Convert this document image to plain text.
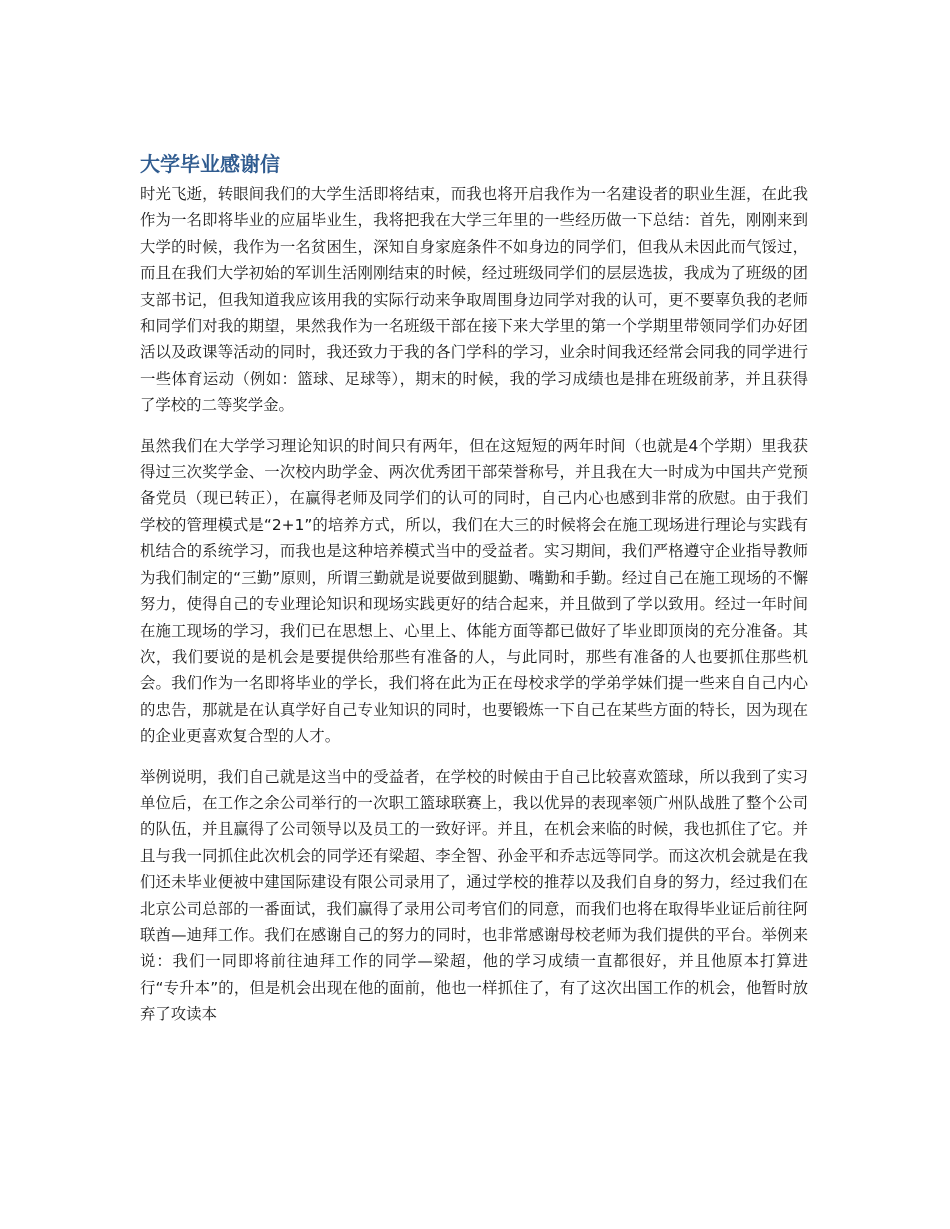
大学毕业感谢信

时光飞逝，转眼间我们的大学生活即将结束，而我也将开启我作为一名建设者的职业生涯，在此我作为一名即将毕业的应届毕业生，我将把我在大学三年里的一些经历做一下总结：首先，刚刚来到大学的时候，我作为一名贫困生，深知自身家庭条件不如身边的同学们，但我从未因此而气馁过，而且在我们大学初始的军训生活刚刚结束的时候，经过班级同学们的层层选拔，我成为了班级的团支部书记，但我知道我应该用我的实际行动来争取周围身边同学对我的认可，更不要辜负我的老师和同学们对我的期望，果然我作为一名班级干部在接下来大学里的第一个学期里带领同学们办好团活以及政课等活动的同时，我还致力于我的各门学科的学习，业余时间我还经常会同我的同学进行一些体育运动（例如：篮球、足球等），期末的时候，我的学习成绩也是排在班级前茅，并且获得了学校的二等奖学金。

虽然我们在大学学习理论知识的时间只有两年，但在这短短的两年时间（也就是4个学期）里我获得过三次奖学金、一次校内助学金、两次优秀团干部荣誉称号，并且我在大一时成为中国共产党预备党员（现已转正），在赢得老师及同学们的认可的同时，自己内心也感到非常的欣慰。由于我们学校的管理模式是“2+1”的培养方式，所以，我们在大三的时候将会在施工现场进行理论与实践有机结合的系统学习，而我也是这种培养模式当中的受益者。实习期间，我们严格遵守企业指导教师为我们制定的“三勤”原则，所谓三勤就是说要做到腿勤、嘴勤和手勤。经过自己在施工现场的不懈努力，使得自己的专业理论知识和现场实践更好的结合起来，并且做到了学以致用。经过一年时间在施工现场的学习，我们已在思想上、心里上、体能方面等都已做好了毕业即顶岗的充分准备。其次，我们要说的是机会是要提供给那些有准备的人，与此同时，那些有准备的人也要抓住那些机会。我们作为一名即将毕业的学长，我们将在此为正在母校求学的学弟学妹们提一些来自自己内心的忠告，那就是在认真学好自己专业知识的同时，也要锻炼一下自己在某些方面的特长，因为现在的企业更喜欢复合型的人才。

举例说明，我们自己就是这当中的受益者，在学校的时候由于自己比较喜欢篮球，所以我到了实习单位后，在工作之余公司举行的一次职工篮球联赛上，我以优异的表现率领广州队战胜了整个公司的队伍，并且赢得了公司领导以及员工的一致好评。并且，在机会来临的时候，我也抓住了它。并且与我一同抓住此次机会的同学还有梁超、李全智、孙金平和乔志远等同学。而这次机会就是在我们还未毕业便被中建国际建设有限公司录用了，通过学校的推荐以及我们自身的努力，经过我们在北京公司总部的一番面试，我们赢得了录用公司考官们的同意，而我们也将在取得毕业证后前往阿联酋—迪拜工作。我们在感谢自己的努力的同时，也非常感谢母校老师为我们提供的平台。举例来说：我们一同即将前往迪拜工作的同学—梁超，他的学习成绩一直都很好，并且他原本打算进行“专升本”的，但是机会出现在他的面前，他也一样抓住了，有了这次出国工作的机会，他暂时放弃了攻读本
